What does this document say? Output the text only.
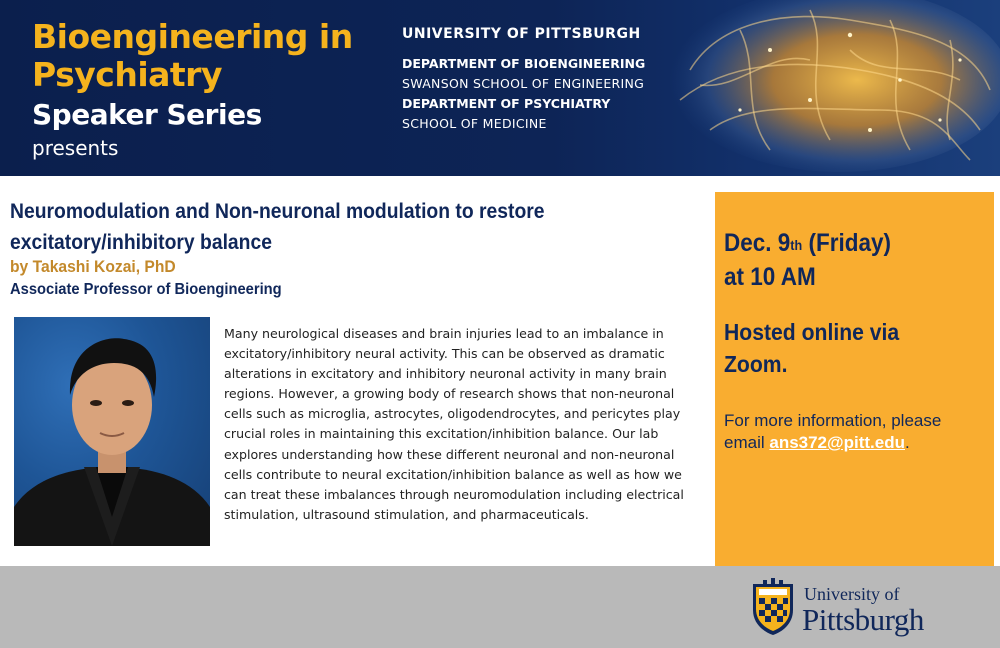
Bioengineering in
Psychiatry
Speaker Series
presents
UNIVERSITY OF PITTSBURGH
DEPARTMENT OF BIOENGINEERING
SWANSON SCHOOL OF ENGINEERING
DEPARTMENT OF PSYCHIATRY
SCHOOL OF MEDICINE
Neuromodulation and Non-neuronal modulation to restore
excitatory/inhibitory balance
by Takashi Kozai, PhD
Associate Professor of Bioengineering
Many neurological diseases and brain injuries lead to an imbalance in excitatory/inhibitory neural activity. This can be observed as dramatic alterations in excitatory and inhibitory neuronal activity in many brain regions. However, a growing body of research shows that non-neuronal cells such as microglia, astrocytes, oligodendrocytes, and pericytes play crucial roles in maintaining this excitation/inhibition balance. Our lab explores understanding how these different neuronal and non-neuronal cells contribute to neural excitation/inhibition balance as well as how we can treat these imbalances through neuromodulation including electrical stimulation, ultrasound stimulation, and pharmaceuticals.
Dec. 9th (Friday)
at 10 AM
Hosted online via Zoom.
For more information, please email ans372@pitt.edu.
University of
Pittsburgh
